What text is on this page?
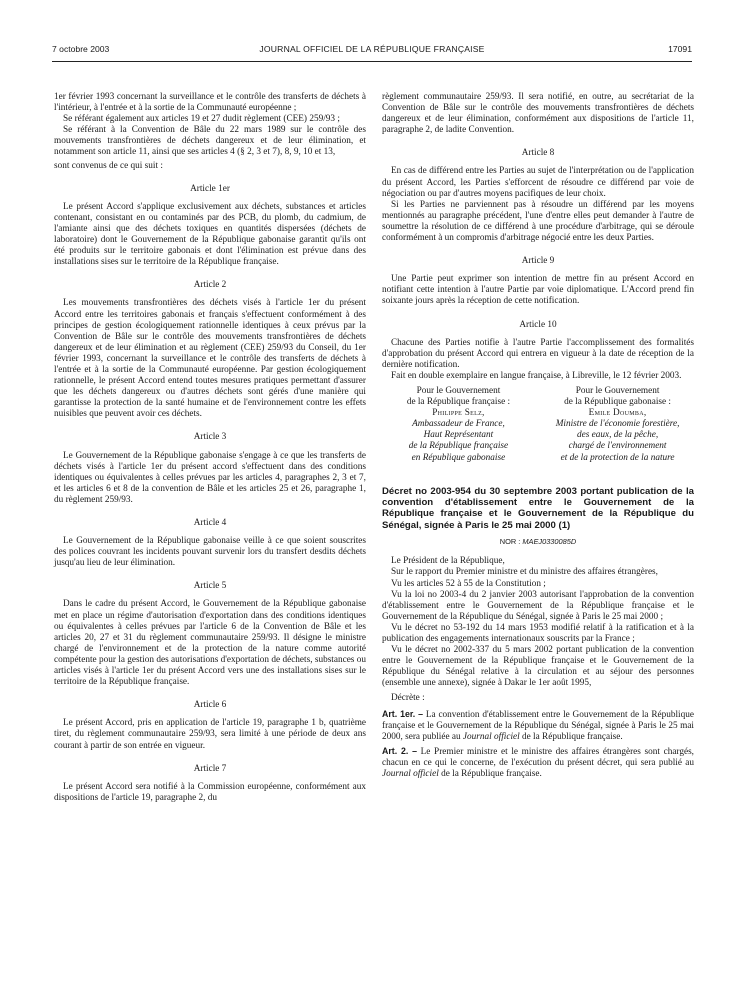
7 octobre 2003	JOURNAL OFFICIEL DE LA RÉPUBLIQUE FRANÇAISE	17091

1er février 1993 concernant la surveillance et le contrôle des transferts de déchets à l'intérieur, à l'entrée et à la sortie de la Communauté européenne ;

Se référant également aux articles 19 et 27 dudit règlement (CEE) 259/93 ;

Se référant à la Convention de Bâle du 22 mars 1989 sur le contrôle des mouvements transfrontières de déchets dangereux et de leur élimination, et notamment son article 11, ainsi que ses articles 4 (§ 2, 3 et 7), 8, 9, 10 et 13,

sont convenus de ce qui suit :

Article 1er

Le présent Accord s'applique exclusivement aux déchets, substances et articles contenant, consistant en ou contaminés par des PCB, du plomb, du cadmium, de l'amiante ainsi que des déchets toxiques en quantités dispersées (déchets de laboratoire) dont le Gouvernement de la République gabonaise garantit qu'ils ont été produits sur le territoire gabonais et dont l'élimination est prévue dans des installations sises sur le territoire de la République française.

Article 2

Les mouvements transfrontières des déchets visés à l'article 1er du présent Accord entre les territoires gabonais et français s'effectuent conformément à des principes de gestion écologiquement rationnelle identiques à ceux prévus par la Convention de Bâle sur le contrôle des mouvements transfrontières de déchets dangereux et de leur élimination et au règlement (CEE) 259/93 du Conseil, du 1er février 1993, concernant la surveillance et le contrôle des transferts de déchets à l'entrée et à la sortie de la Communauté européenne. Par gestion écologiquement rationnelle, le présent Accord entend toutes mesures pratiques permettant d'assurer que les déchets dangereux ou d'autres déchets sont gérés d'une manière qui garantisse la protection de la santé humaine et de l'environnement contre les effets nuisibles que peuvent avoir ces déchets.

Article 3

Le Gouvernement de la République gabonaise s'engage à ce que les transferts de déchets visés à l'article 1er du présent accord s'effectuent dans des conditions identiques ou équivalentes à celles prévues par les articles 4, paragraphes 2, 3 et 7, et les articles 6 et 8 de la convention de Bâle et les articles 25 et 26, paragraphe 1, du règlement 259/93.

Article 4

Le Gouvernement de la République gabonaise veille à ce que soient souscrites des polices couvrant les incidents pouvant survenir lors du transfert desdits déchets jusqu'au lieu de leur élimination.

Article 5

Dans le cadre du présent Accord, le Gouvernement de la République gabonaise met en place un régime d'autorisation d'exportation dans des conditions identiques ou équivalentes à celles prévues par l'article 6 de la Convention de Bâle et les articles 20, 27 et 31 du règlement communautaire 259/93. Il désigne le ministre chargé de l'environnement et de la protection de la nature comme autorité compétente pour la gestion des autorisations d'exportation de déchets, substances ou articles visés à l'article 1er du présent Accord vers une des installations sises sur le territoire de la République française.

Article 6

Le présent Accord, pris en application de l'article 19, paragraphe 1 b, quatrième tiret, du règlement communautaire 259/93, sera limité à une période de deux ans courant à partir de son entrée en vigueur.

Article 7

Le présent Accord sera notifié à la Commission européenne, conformément aux dispositions de l'article 19, paragraphe 2, du

règlement communautaire 259/93. Il sera notifié, en outre, au secrétariat de la Convention de Bâle sur le contrôle des mouvements transfrontières de déchets dangereux et de leur élimination, conformément aux dispositions de l'article 11, paragraphe 2, de ladite Convention.

Article 8

En cas de différend entre les Parties au sujet de l'interprétation ou de l'application du présent Accord, les Parties s'efforcent de résoudre ce différend par voie de négociation ou par d'autres moyens pacifiques de leur choix.

Si les Parties ne parviennent pas à résoudre un différend par les moyens mentionnés au paragraphe précédent, l'une d'entre elles peut demander à l'autre de soumettre la résolution de ce différend à une procédure d'arbitrage, qui se déroule conformément à un compromis d'arbitrage négocié entre les deux Parties.

Article 9

Une Partie peut exprimer son intention de mettre fin au présent Accord en notifiant cette intention à l'autre Partie par voie diplomatique. L'Accord prend fin soixante jours après la réception de cette notification.

Article 10

Chacune des Parties notifie à l'autre Partie l'accomplissement des formalités d'approbation du présent Accord qui entrera en vigueur à la date de réception de la dernière notification.

Fait en double exemplaire en langue française, à Libreville, le 12 février 2003.

Pour le Gouvernement
de la République française :
Philippe Selz,
Ambassadeur de France,
Haut Représentant
de la République française
en République gabonaise
Pour le Gouvernement
de la République gabonaise :
Emile Doumba,
Ministre de l'économie forestière,
des eaux, de la pêche,
chargé de l'environnement
et de la protection de la nature
Décret no 2003-954 du 30 septembre 2003 portant publication de la convention d'établissement entre le Gouvernement de la République française et le Gouvernement de la République du Sénégal, signée à Paris le 25 mai 2000 (1)
NOR : MAEJ0330085D

Le Président de la République,

Sur le rapport du Premier ministre et du ministre des affaires étrangères,

Vu les articles 52 à 55 de la Constitution ;

Vu la loi no 2003-4 du 2 janvier 2003 autorisant l'approbation de la convention d'établissement entre le Gouvernement de la République française et le Gouvernement de la République du Sénégal, signée à Paris le 25 mai 2000 ;

Vu le décret no 53-192 du 14 mars 1953 modifié relatif à la ratification et à la publication des engagements internationaux souscrits par la France ;

Vu le décret no 2002-337 du 5 mars 2002 portant publication de la convention entre le Gouvernement de la République française et le Gouvernement de la République du Sénégal relative à la circulation et au séjour des personnes (ensemble une annexe), signée à Dakar le 1er août 1995,

Décrète :

Art. 1er. – La convention d'établissement entre le Gouvernement de la République française et le Gouvernement de la République du Sénégal, signée à Paris le 25 mai 2000, sera publiée au Journal officiel de la République française.

Art. 2. – Le Premier ministre et le ministre des affaires étrangères sont chargés, chacun en ce qui le concerne, de l'exécution du présent décret, qui sera publié au Journal officiel de la République française.
